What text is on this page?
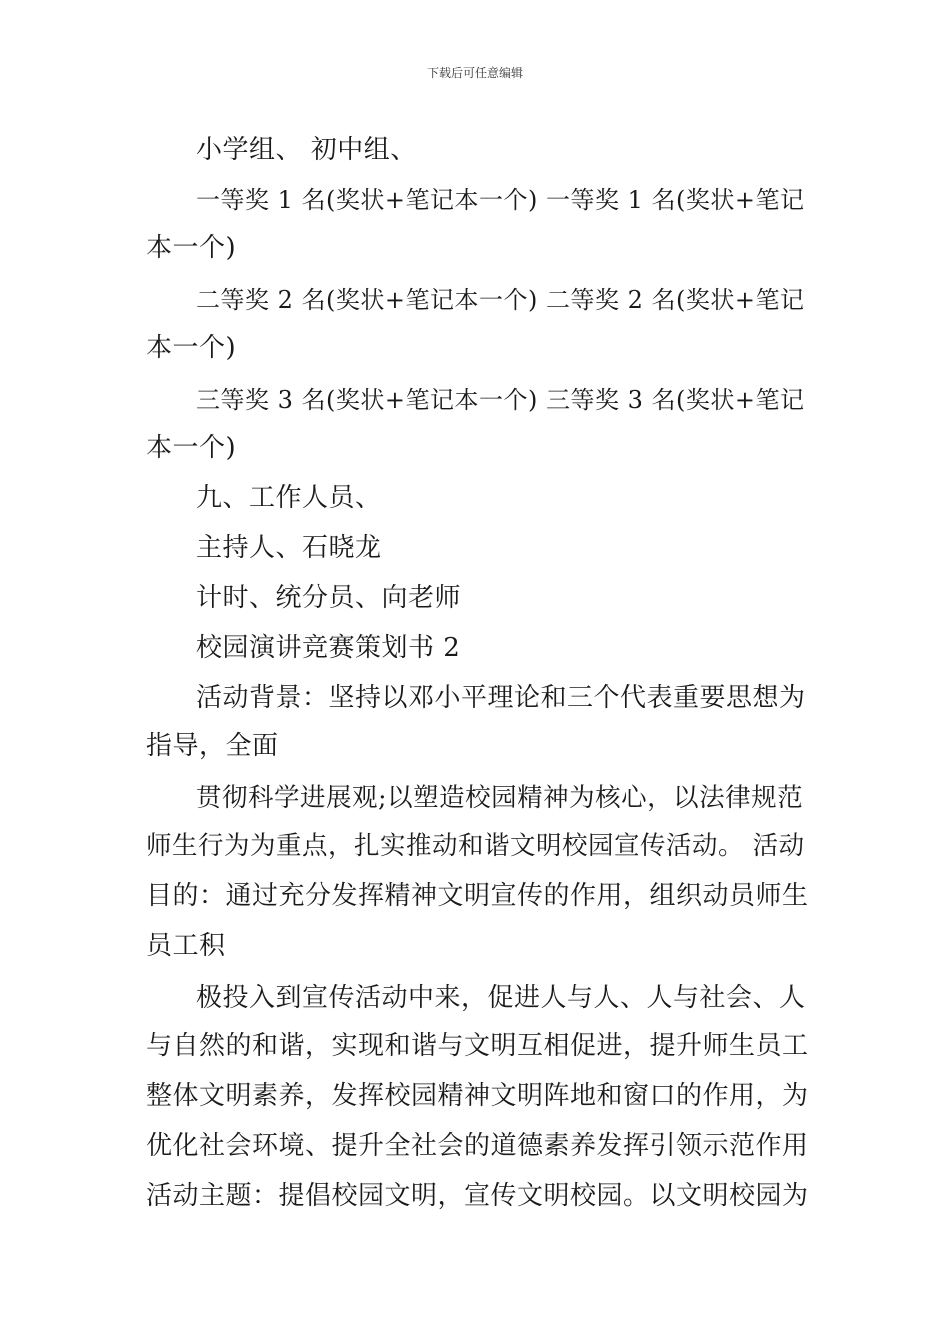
下载后可任意编辑
小学组、 初中组、
一等奖 1 名(奖状+笔记本一个) 一等奖 1 名(奖状+笔记
本一个)
二等奖 2 名(奖状+笔记本一个) 二等奖 2 名(奖状+笔记
本一个)
三等奖 3 名(奖状+笔记本一个) 三等奖 3 名(奖状+笔记
本一个)
九、工作人员、
主持人、石晓龙
计时、统分员、向老师
校园演讲竞赛策划书 2
活动背景：坚持以邓小平理论和三个代表重要思想为
指导，全面
贯彻科学进展观;以塑造校园精神为核心，以法律规范
师生行为为重点，扎实推动和谐文明校园宣传活动。 活动
目的：通过充分发挥精神文明宣传的作用，组织动员师生
员工积
极投入到宣传活动中来，促进人与人、人与社会、人
与自然的和谐，实现和谐与文明互相促进，提升师生员工
整体文明素养，发挥校园精神文明阵地和窗口的作用，为
优化社会环境、提升全社会的道德素养发挥引领示范作用
活动主题：提倡校园文明，宣传文明校园。以文明校园为
